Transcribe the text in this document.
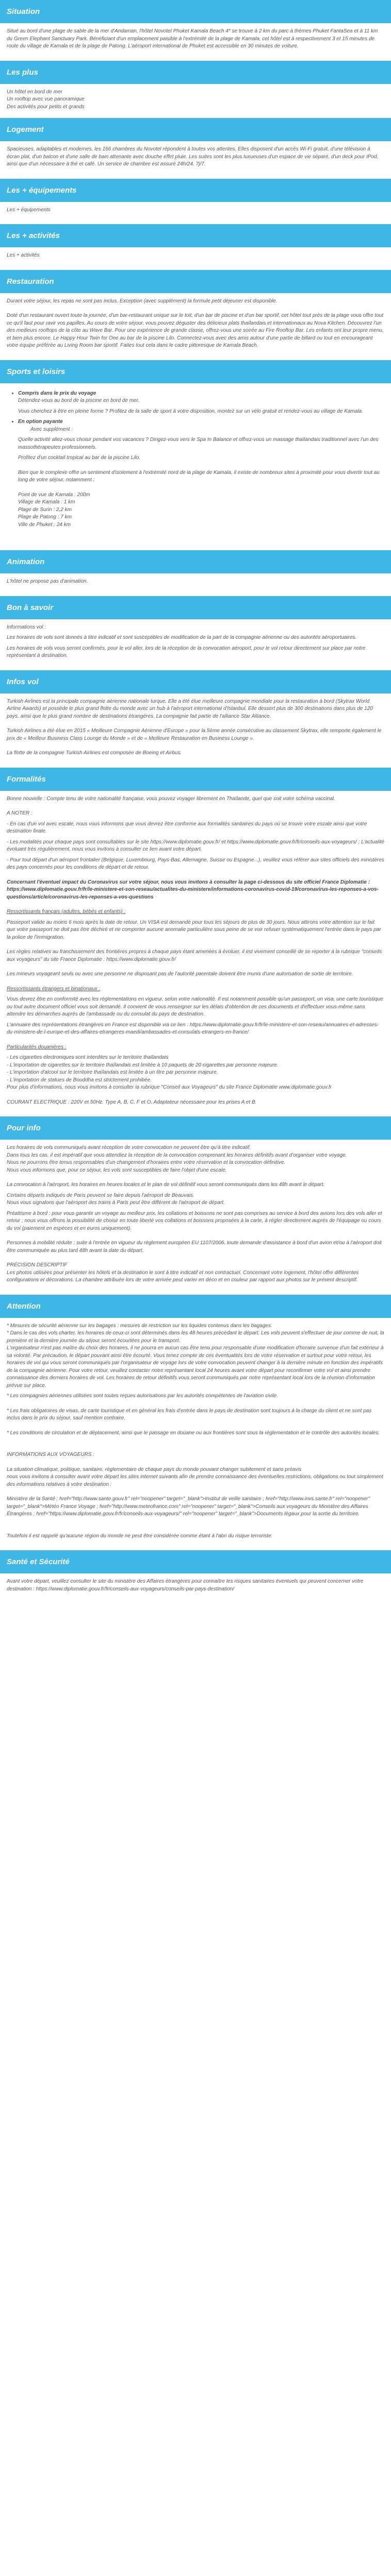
Situation

Situé au bord d'une plage de sable de la mer d'Andaman, l'hôtel Novotel Phuket Kamala Beach 4* se trouve à 2 km du parc à thèmes Phuket FantaSea et à 11 km du Green Elephant Sanctuary Park. Bénéficiant d'un emplacement paisible à l'extrémité de la plage de Kamala, cet hôtel est à respectivement 3 et 15 minutes de route du village de Kamala et de la plage de Patong. L'aéroport international de Phuket est accessible en 30 minutes de voiture.

Les plus

Un hôtel en bord de mer

Un rooftop avec vue panoramique

Des activités pour petits et grands

Logement

Spacieuses, adaptables et modernes, les 166 chambres du Novotel répondent à toutes vos attentes. Elles disposent d'un accès Wi-Fi gratuit, d'une télévision à écran plat, d'un balcon et d'une salle de bain attenante avec douche effet pluie. Les suites sont les plus luxueuses d'un espace de vie séparé, d'un deck pour IPod, ainsi que d'un nécessaire à thé et café. Un service de chambre est assuré 24h/24, 7j/7.

Les + équipements

Les + équipements

Les + activités

Les + activités

Restauration

Durant votre séjour, les repas ne sont pas inclus. Exception (avec supplément) la formule petit déjeuner est disponible.

Doté d'un restaurant ouvert toute la journée, d'un bar-restaurant unique sur le toit, d'un bar de piscine et d'un bar sportif, cet hôtel tout près de la plage vous offre tout ce qu'il faut pour ravir vos papilles. Au cours de votre séjour, vous pouvez déguster des délicieux plats thaïlandais et internationaux au Nova Kitchen. Découvrez l'un des meilleurs rooftops de la côte au Wave Bar. Pour une expérience de grande classe, offrez-vous une soirée au Fire Rooftop Bar. Les enfants ont leur propre menu, et bien plus encore. Le Happy Hour Twin for One au bar de la piscine Lilo. Connectez-vous avec des amis autour d'une partie de billard ou tout en encourageant votre équipe préférée au Living Room bar sportif. Faites tout cela dans le cadre pittoresque de Kamala Beach.

Sports et loisirs
• Compris dans le prix du voyage

Détendez-vous au bord de la piscine en bord de mer.

Vous cherchez à être en pleine forme ? Profitez de la salle de sport à votre disposition, montez sur un vélo gratuit et rendez-vous au village de Kamala.

• En option payante

Avec supplément :

Quelle activité allez-vous choisir pendant vos vacances ? Dirigez-vous vers le Spa In Balance et offrez-vous un massage thaïlandais traditionnel avec l'un des massothérapeutes professionnels.

Profitez d'un cocktail tropical au bar de la piscine Lilo.

Bien que le complexe offre un sentiment d'isolement à l'extrémité nord de la plage de Kamala, il existe de nombreux sites à proximité pour vous divertir tout au long de votre séjour, notamment :

Point de vue de Kamala : 200m

Village de Kamala : 1 km

Plage de Surin : 2,2 km

Plage de Patong : 7 km

Ville de Phuket : 24 km

Animation

L'hôtel ne propose pas d'animation.

Bon à savoir

Informations vol :

Les horaires de vols sont donnés à titre indicatif et sont susceptibles de modification de la part de la compagnie aérienne ou des autorités aéroportuaires.

Les horaires de vols vous seront confirmés, pour le vol aller, lors de la réception de la convocation aéroport, pour le vol retour directement sur place par notre représentant à destination.

Infos vol

Turkish Airlines est la principale compagnie aérienne nationale turque. Elle a été élue meilleure compagnie mondiale pour la restauration à bord (Skytrax World Airline Awards) et possède le plus grand flotte du monde avec un hub à l'aéroport international d'Istanbul. Elle dessert plus de 300 destinations dans plus de 120 pays, ainsi que le plus grand nombre de destinations étrangères. La compagnie fait partie de l'alliance Star Alliance.

Turkish Airlines a été élue en 2015 « Meilleure Compagnie Aérienne d'Europe » pour la 5ème année consécutive au classement Skytrax, elle remporte également le prix de « Meilleur Business Class Lounge du Monde » et de « Meilleure Restauration en Business Lounge ».

La flotte de la compagnie Turkish Airlines est composée de Boeing et Airbus.

Formalités

Bonne nouvelle : Compte tenu de votre nationalité française, vous pouvez voyager librement en Thaïlande, quel que soit votre schéma vaccinal.

A NOTER :

- En cas d'un vol avec escale, nous vous informons que vous devrez être conforme aux formalités sanitaires du pays où se trouve votre escale ainsi que votre destination finale.

- Les modalités pour chaque pays sont consultables sur le site https://www.diplomatie.gouv.fr/ et https://www.diplomatie.gouv.fr/fr/conseils-aux-voyageurs/ ; L'actualité évoluant très régulièrement, nous vous invitons à consulter ce lien avant votre départ.

- Pour tout départ d'un aéroport frontalier (Belgique, Luxembourg, Pays-Bas, Allemagne, Suisse ou Espagne...), veuillez vous référer aux sites officiels des ministères des pays concernés pour les conditions de départ et de retour.

Concernant l'éventuel impact du Coronavirus sur votre séjour, nous vous invitons à consulter la page ci-dessous du site officiel France Diplomatie : https://www.diplomatie.gouv.fr/fr/le-ministere-et-son-reseau/actualites-du-ministere/informations-coronavirus-covid-19/coronavirus-les-reponses-a-vos-questions/article/coronavirus-les-reponses-a-vos-questions

Ressortissants français (adultes, bébés et enfants) :

Passeport valide au moins 6 mois après la date de retour. Un VISA est demandé pour tous les séjours de plus de 30 jours. Nous attirons votre attention sur le fait que votre passeport ne doit pas être déchiré et ne comporter aucune anomalie particulière sous peine de se voir refuser systématiquement l'entrée dans le pays par la police de l'immigration.

Les règles relatives au franchissement des frontières propres à chaque pays étant amenées à évoluer, il est vivement conseillé de se reporter à la rubrique "conseils aux voyageurs" du site France Diplomatie : https://www.diplomatie.gouv.fr/

Les mineurs voyageant seuls ou avec une personne ne disposant pas de l'autorité parentale doivent être munis d'une autorisation de sortie de territoire.

Ressortissants étrangers et binationaux :

Vous devrez être en conformité avec les réglementations en vigueur, selon votre nationalité. Il est notamment possible qu'un passeport, un visa, une carte touristique ou tout autre document officiel vous soit demandé. Il convient de vous renseigner sur les délais d'obtention de ces documents et d'effectuer vous-même sans attendre les démarches auprès de l'ambassade ou du consulat du pays de destination.

L'annuaire des représentations étrangères en France est disponible via ce lien : https://www.diplomatie.gouv.fr/fr/le-ministere-et-son-reseau/annuaires-et-adresses-du-ministere-de-l-europe-et-des-affaires-etrangeres-maedi/ambassades-et-consulats-etrangers-en-france/

Particularités douanières :

- Les cigarettes électroniques sont interdites sur le territoire thaïlandais

- L'importation de cigarettes sur le territoire thaïlandais est limitée à 10 paquets de 20 cigarettes par personne majeure.

- L'importation d'alcool sur le territoire thaïlandais est limitée à un litre par personne majeure.

- L'importation de statues de Bouddha est strictement prohibée.

Pour plus d'informations, nous vous invitons à consulter la rubrique "Conseil aux Voyageurs" du site France Diplomatie www.diplomatie.gouv.fr

COURANT ELECTRIQUE : 220V et 50Hz. Type A, B, C, F et O. Adaptateur nécessaire pour les prises A et B.

Pour info

Les horaires de vols communiqués avant réception de votre convocation ne peuvent être qu'à titre indicatif.

Dans tous les cas, il est impératif que vous attendiez la réception de la convocation comprenant les horaires définitifs avant d'organiser votre voyage.

Nous ne pourrons être tenus responsables d'un changement d'horaires entre votre réservation et la convocation définitive.

Nous vous informons que, pour ce séjour, les vols sont susceptibles de faire l'objet d'une escale.

La convocation à l'aéroport, les horaires en heures locales et le plan de vol définitif vous seront communiqués dans les 48h avant le départ.

Certains départs indiqués de Paris peuvent se faire depuis l'aéroport de Beauvais.

Nous vous signalons que l'aéroport des trains à Paris peut être différent de l'aéroport de départ.

Préattisme à bord : pour vous garantir un voyage au meilleur prix, les collations et boissons ne sont pas comprises au service à bord des avions lors des vols aller et retour ; nous vous offrons la possibilité de choisir en toute liberté vos collations et boissons proposées à la carte, à régler directement auprès de l'équipage ou cours du vol (paiement en espèces et en euros uniquement).

Personnes à mobilité réduite : suite à l'entrée en vigueur du règlement européen EU 1107/2006, toute demande d'assistance à bord d'un avion et/ou à l'aéroport doit être communiquée au plus tard 48h avant la date du départ.

PRÉCISION DESCRIPTIF

Les photos utilisées pour présenter les hôtels et la destination le sont à titre indicatif et non contractuel. Concernant votre logement, l'hôtel offre différentes configurations et décorations. La chambre attribuée lors de votre arrivée peut varier en déco et en couleur par rapport aux photos sur le présent descriptif.

Attention

* Mesures de sécurité aérienne sur les bagages : mesures de restriction sur les liquides contenus dans les bagages.

* Dans le cas des vols charter, les horaires de ceux-ci sont déterminés dans les 48 heures précédant le départ. Les vols peuvent s'effectuer de jour comme de nuit, la première et la dernière journée du séjour seront écourtées pour le transport.

L'organisateur n'est pas maître du choix des horaires, il ne pourra en aucun cas être tenu pour responsable d'une modification d'horaire survenue d'un fait extérieur à sa volonté. Par précaution, le départ pouvant ainsi être écourté. Vous tenez compte de ces éventualités lors de votre réservation et surtout pour votre retour, les horaires de vol qui vous seront communiqués par l'organisateur de voyage lors de votre convocation peuvent changer à la dernière minute en fonction des impératifs de la compagnie aérienne. Pour votre retour, veuillez contacter notre représentant local 24 heures avant votre départ pour reconfirmer votre vol et ainsi prendre connaissance des derniers horaires de vol. Les horaires de retour définitifs vous seront communiqués par notre représentant local lors de la réunion d'information prévue sur place.

* Les compagnies aériennes utilisées sont toutes reçues autorisations par les autorités compétentes de l'aviation civile.

* Les frais obligatoires de visas, de carte touristique et en général les frais d'entrée dans le pays de destination sont toujours à la charge du client et ne sont pas inclus dans le prix du séjour, sauf mention contraire.

* Les conditions de circulation et de déplacement, ainsi que le passage en douane ou aux frontières sont sous la réglementation et le contrôle des autorités locales.

INFORMATIONS AUX VOYAGEURS :

La situation climatique, politique, sanitaire, réglementaire de chaque pays du monde pouvant changer subitement et sans préavis

nous vous invitons à consulter avant votre départ les sites internet suivants afin de prendre connaissance des éventuelles restrictions, obligations ou tout simplement des informations relatives à votre destination :

Ministère de la Santé ; href="http://www.sante.gouv.fr" rel="noopener" target="_blank">Institut de veille sanitaire ; href="http://www.invs.sante.fr" rel="noopener" target="_blank">Météo France Voyage ; href="http://www.meteofrance.com" rel="noopener" target="_blank">Conseils aux voyageurs du Ministère des Affaires Étrangères ; href="https://www.diplomatie.gouv.fr/fr/conseils-aux-voyageurs/" rel="noopener" target="_blank">Documents légaux pour la sortie du territoire.

Toutefois il est rappelé qu'aucune région du monde ne peut être considérée comme étant à l'abri du risque terroriste.

Santé et Sécurité

Avant votre départ, veuillez consulter le site du ministère des Affaires étrangères pour connaître les risques sanitaires éventuels qui peuvent concerner votre destination : https://www.diplomatie.gouv.fr/fr/conseils-aux-voyageurs/conseils-par-pays-destination/
